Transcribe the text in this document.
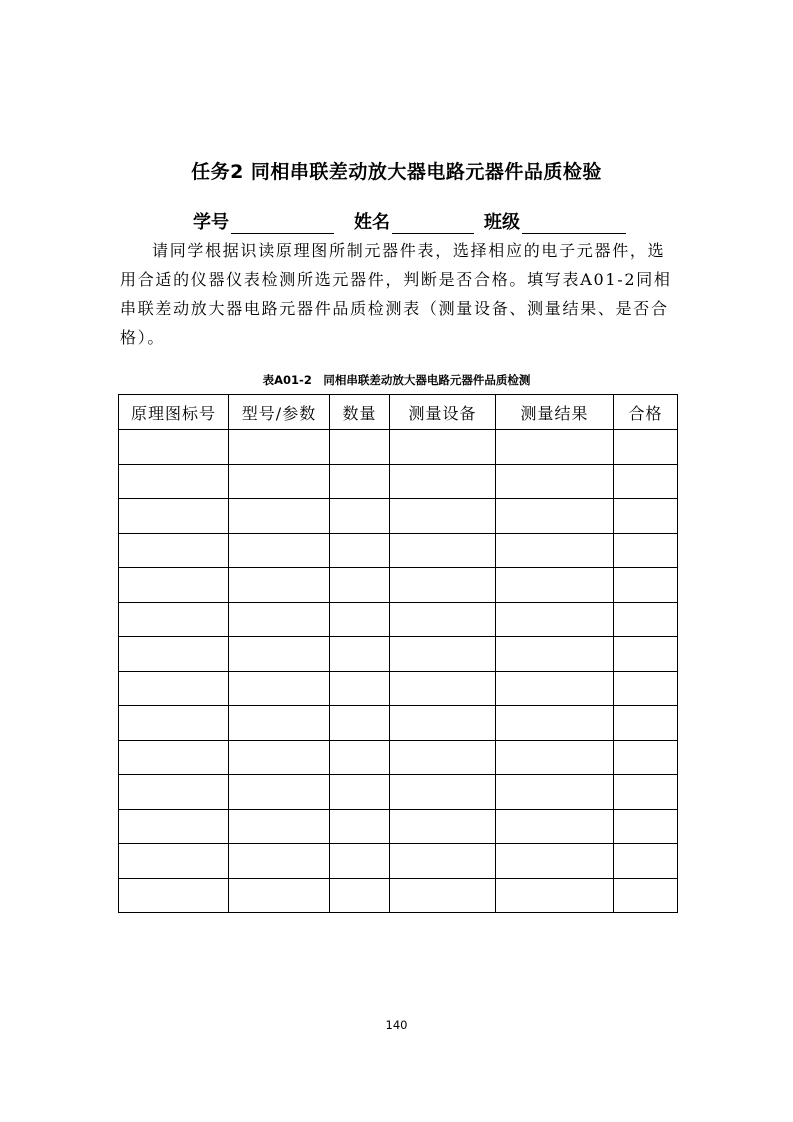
任务2 同相串联差动放大器电路元器件品质检验
学号	姓名	班级
请同学根据识读原理图所制元器件表，选择相应的电子元器件，选用合适的仪器仪表检测所选元器件，判断是否合格。填写表A01-2同相串联差动放大器电路元器件品质检测表（测量设备、测量结果、是否合格）。
表A01-2　同相串联差动放大器电路元器件品质检测
原理图标号	型号/参数	数量	测量设备	测量结果	合格

140
